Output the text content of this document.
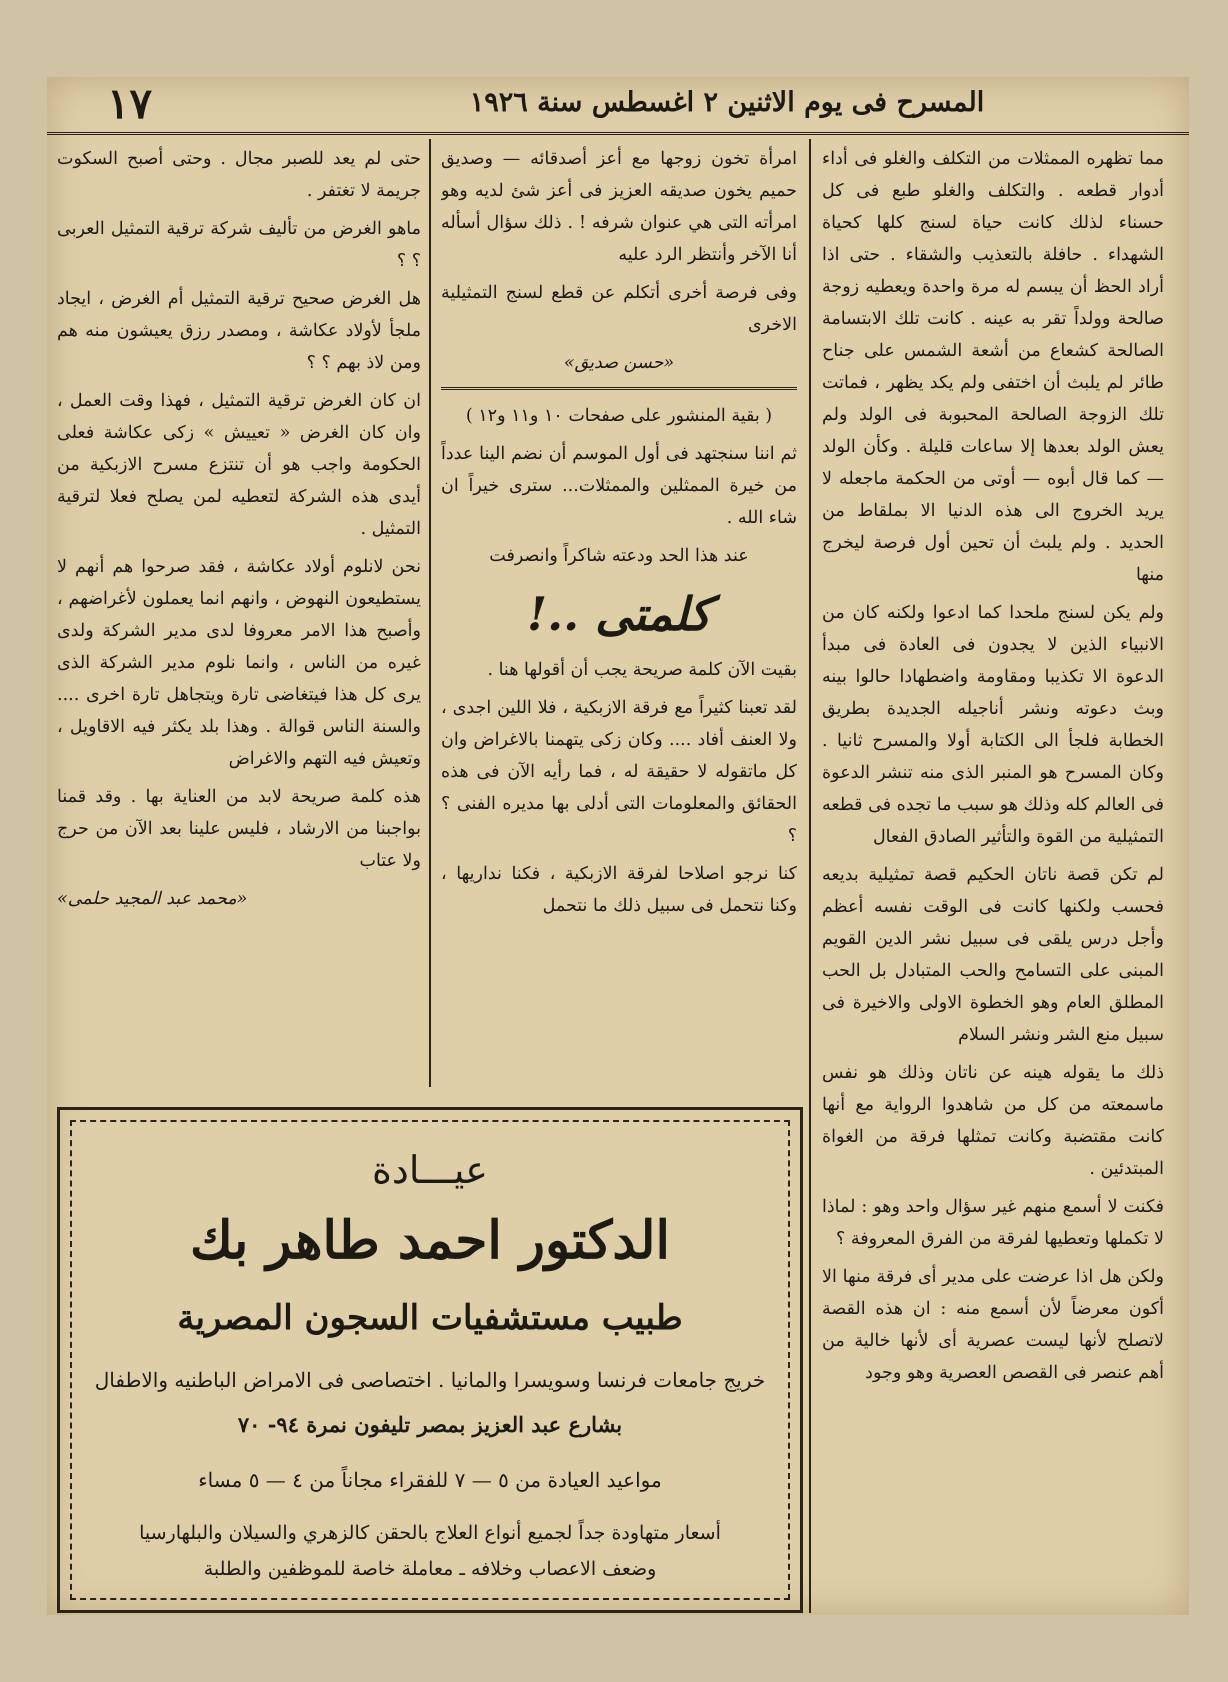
١٧	المسرح فى يوم الاثنين ٢ اغسطس سنة ١٩٢٦

مما تظهره الممثلات من التكلف والغلو فى أداء أدوار قطعه . والتكلف والغلو طبع فى كل حسناء لذلك كانت حياة لسنج كلها كحياة الشهداء . حافلة بالتعذيب والشقاء . حتى اذا أراد الحظ أن يبسم له مرة واحدة ويعطيه زوجة صالحة وولداً تقر به عينه . كانت تلك الابتسامة الصالحة كشعاع من أشعة الشمس على جناح طائر لم يلبث أن اختفى ولم يكد يظهر ، فماتت تلك الزوجة الصالحة المحبوبة فى الولد ولم يعش الولد بعدها إلا ساعات قليلة . وكأن الولد — كما قال أبوه — أوتى من الحكمة ماجعله لا يريد الخروج الى هذه الدنيا الا بملقاط من الحديد . ولم يلبث أن تحين أول فرصة ليخرج منها

ولم يكن لسنج ملحدا كما ادعوا ولكنه كان من الانبياء الذين لا يجدون فى العادة فى مبدأ الدعوة الا تكذيبا ومقاومة واضطهادا حالوا بينه وبث دعوته ونشر أناجيله الجديدة بطريق الخطابة فلجأ الى الكتابة أولا والمسرح ثانيا . وكان المسرح هو المنبر الذى منه تنشر الدعوة فى العالم كله وذلك هو سبب ما تجده فى قطعه التمثيلية من القوة والتأثير الصادق الفعال

لم تكن قصة ناتان الحكيم قصة تمثيلية بديعه فحسب ولكنها كانت فى الوقت نفسه أعظم وأجل درس يلقى فى سبيل نشر الدين القويم المبنى على التسامح والحب المتبادل بل الحب المطلق العام وهو الخطوة الاولى والاخيرة فى سبيل منع الشر ونشر السلام

ذلك ما يقوله هينه عن ناتان وذلك هو نفس ماسمعته من كل من شاهدوا الرواية مع أنها كانت مقتضبة وكانت تمثلها فرقة من الغواة المبتدئين .

فكنت لا أسمع منهم غير سؤال واحد وهو : لماذا لا تكملها وتعطيها لفرقة من الفرق المعروفة ؟

ولكن هل اذا عرضت على مدير أى فرقة منها الا أكون معرضاً لأن أسمع منه : ان هذه القصة لاتصلح لأنها ليست عصرية أى لأنها خالية من أهم عنصر فى القصص العصرية وهو وجود

امرأة تخون زوجها مع أعز أصدقائه — وصديق حميم يخون صديقه العزيز فى أعز شئ لديه وهو امرأته التى هي عنوان شرفه ! . ذلك سؤال أسأله أنا الآخر وأنتظر الرد عليه

وفى فرصة أخرى أتكلم عن قطع لسنج التمثيلية الاخرى

«حسن صديق»

( بقية المنشور على صفحات ١٠ و١١ و١٢ )

ثم اننا سنجتهد فى أول الموسم أن نضم الينا عدداً من خيرة الممثلين والممثلات... سترى خيراً ان شاء الله .

عند هذا الحد ودعته شاكراً وانصرفت

كلمتى ..!

بقيت الآن كلمة صريحة يجب أن أقولها هنا .

لقد تعبنا كثيراً مع فرقة الازبكية ، فلا اللين اجدى ، ولا العنف أفاد .... وكان زكى يتهمنا بالاغراض وان كل ماتقوله لا حقيقة له ، فما رأيه الآن فى هذه الحقائق والمعلومات التى أدلى بها مديره الفنى ؟ ؟

كنا نرجو اصلاحا لفرقة الازبكية ، فكنا نداريها ، وكنا نتحمل فى سبيل ذلك ما نتحمل

حتى لم يعد للصبر مجال . وحتى أصبح السكوت جريمة لا تغتفر .

ماهو الغرض من تأليف شركة ترقية التمثيل العربى ؟ ؟

هل الغرض صحيح ترقية التمثيل أم الغرض ، ايجاد ملجأ لأولاد عكاشة ، ومصدر رزق يعيشون منه هم ومن لاذ بهم ؟ ؟

ان كان الغرض ترقية التمثيل ، فهذا وقت العمل ، وان كان الغرض « تعييش » زكى عكاشة فعلى الحكومة واجب هو أن تنتزع مسرح الازبكية من أيدى هذه الشركة لتعطيه لمن يصلح فعلا لترقية التمثيل .

نحن لانلوم أولاد عكاشة ، فقد صرحوا هم أنهم لا يستطيعون النهوض ، وانهم انما يعملون لأغراضهم ، وأصبح هذا الامر معروفا لدى مدير الشركة ولدى غيره من الناس ، وانما نلوم مدير الشركة الذى يرى كل هذا فيتغاضى تارة ويتجاهل تارة اخرى .... والسنة الناس قوالة . وهذا بلد يكثر فيه الاقاويل ، وتعيش فيه التهم والاغراض

هذه كلمة صريحة لابد من العناية بها . وقد قمنا بواجبنا من الارشاد ، فليس علينا بعد الآن من حرج ولا عتاب

«محمد عبد المجيد حلمى»

عيـــادة
الدكتور احمد طاهر بك
طبيب مستشفيات السجون المصرية
خريج جامعات فرنسا وسويسرا والمانيا . اختصاصى فى الامراض الباطنيه والاطفال
بشارع عبد العزيز بمصر تليفون نمرة ٩٤- ٧٠
مواعيد العيادة من ٥ — ٧ للفقراء مجاناً من ٤ — ٥ مساء
أسعار متهاودة جداً لجميع أنواع العلاج بالحقن كالزهري والسيلان والبلهارسيا
وضعف الاعصاب وخلافه ـ معاملة خاصة للموظفين والطلبة
